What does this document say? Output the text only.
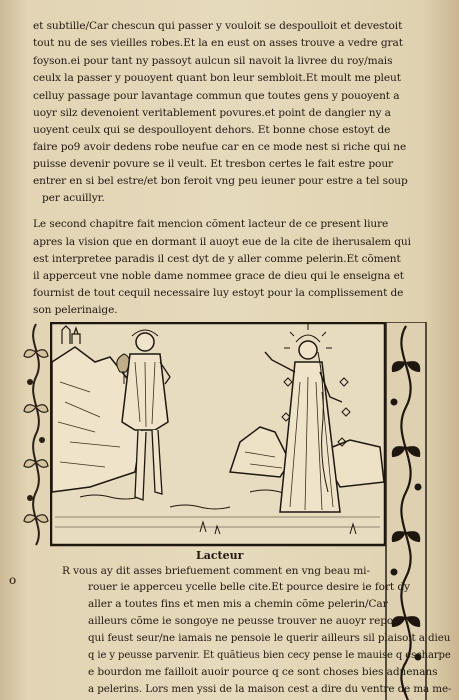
et subtille/Car chescun qui passer y vouloit se despoulloit et devestoit
tout nu de ses vieilles robes.Et la en eust on asses trouve a vedre grat
foyson.ei pour tant ny passoyt aulcun sil navoit la livree du roy/mais
ceulx la passer y pouoyent quant bon leur sembloit.Et moult me pleut
celluy passage pour lavantage commun que toutes gens y pouoyent a
uoyr silz devenoient veritablement povures.et point de dangier ny a
uoyent ceulx qui se despoulloyent dehors. Et bonne chose estoyt de
faire po9 avoir dedens robe neufue car en ce mode nest si riche qui ne
puisse devenir povure se il veult. Et tresbon certes le fait estre pour
entrer en si bel estre/et bon feroit vng peu ieuner pour estre a tel soup
per acuillyr.
Le second chapitre fait mencion cõment lacteur de ce present liure
apres la vision que en dormant il auoyt eue de la cite de iherusalem qui
est interpretee paradis il cest dyt de y aller comme pelerin.Et cõment
il apperceut vne noble dame nommee grace de dieu qui le enseigna et
fournist de tout cequil necessaire luy estoyt pour la complissement de
son pelerinaige.
Lacteur
o
R vous ay dit asses briefuement comment en vng beau mi-
rouer ie apperceu ycelle belle cite.Et pource desire ie fort dy
aller a toutes fins et men mis a chemin cõme pelerin/Car
ailleurs cõme ie songoye ne peusse trouver ne auoyr repos
qui feust seur/ne iamais ne pensoie le querir ailleurs sil plaisoit a dieu
q ie y peusse parvenir. Et quãtieus bien cecy pense le mauise q escharpe
e bourdon me failloit auoir pource q ce sont choses bies aduenans
a pelerins. Lors men yssi de la maison cest a dire du ventre de ma me-
